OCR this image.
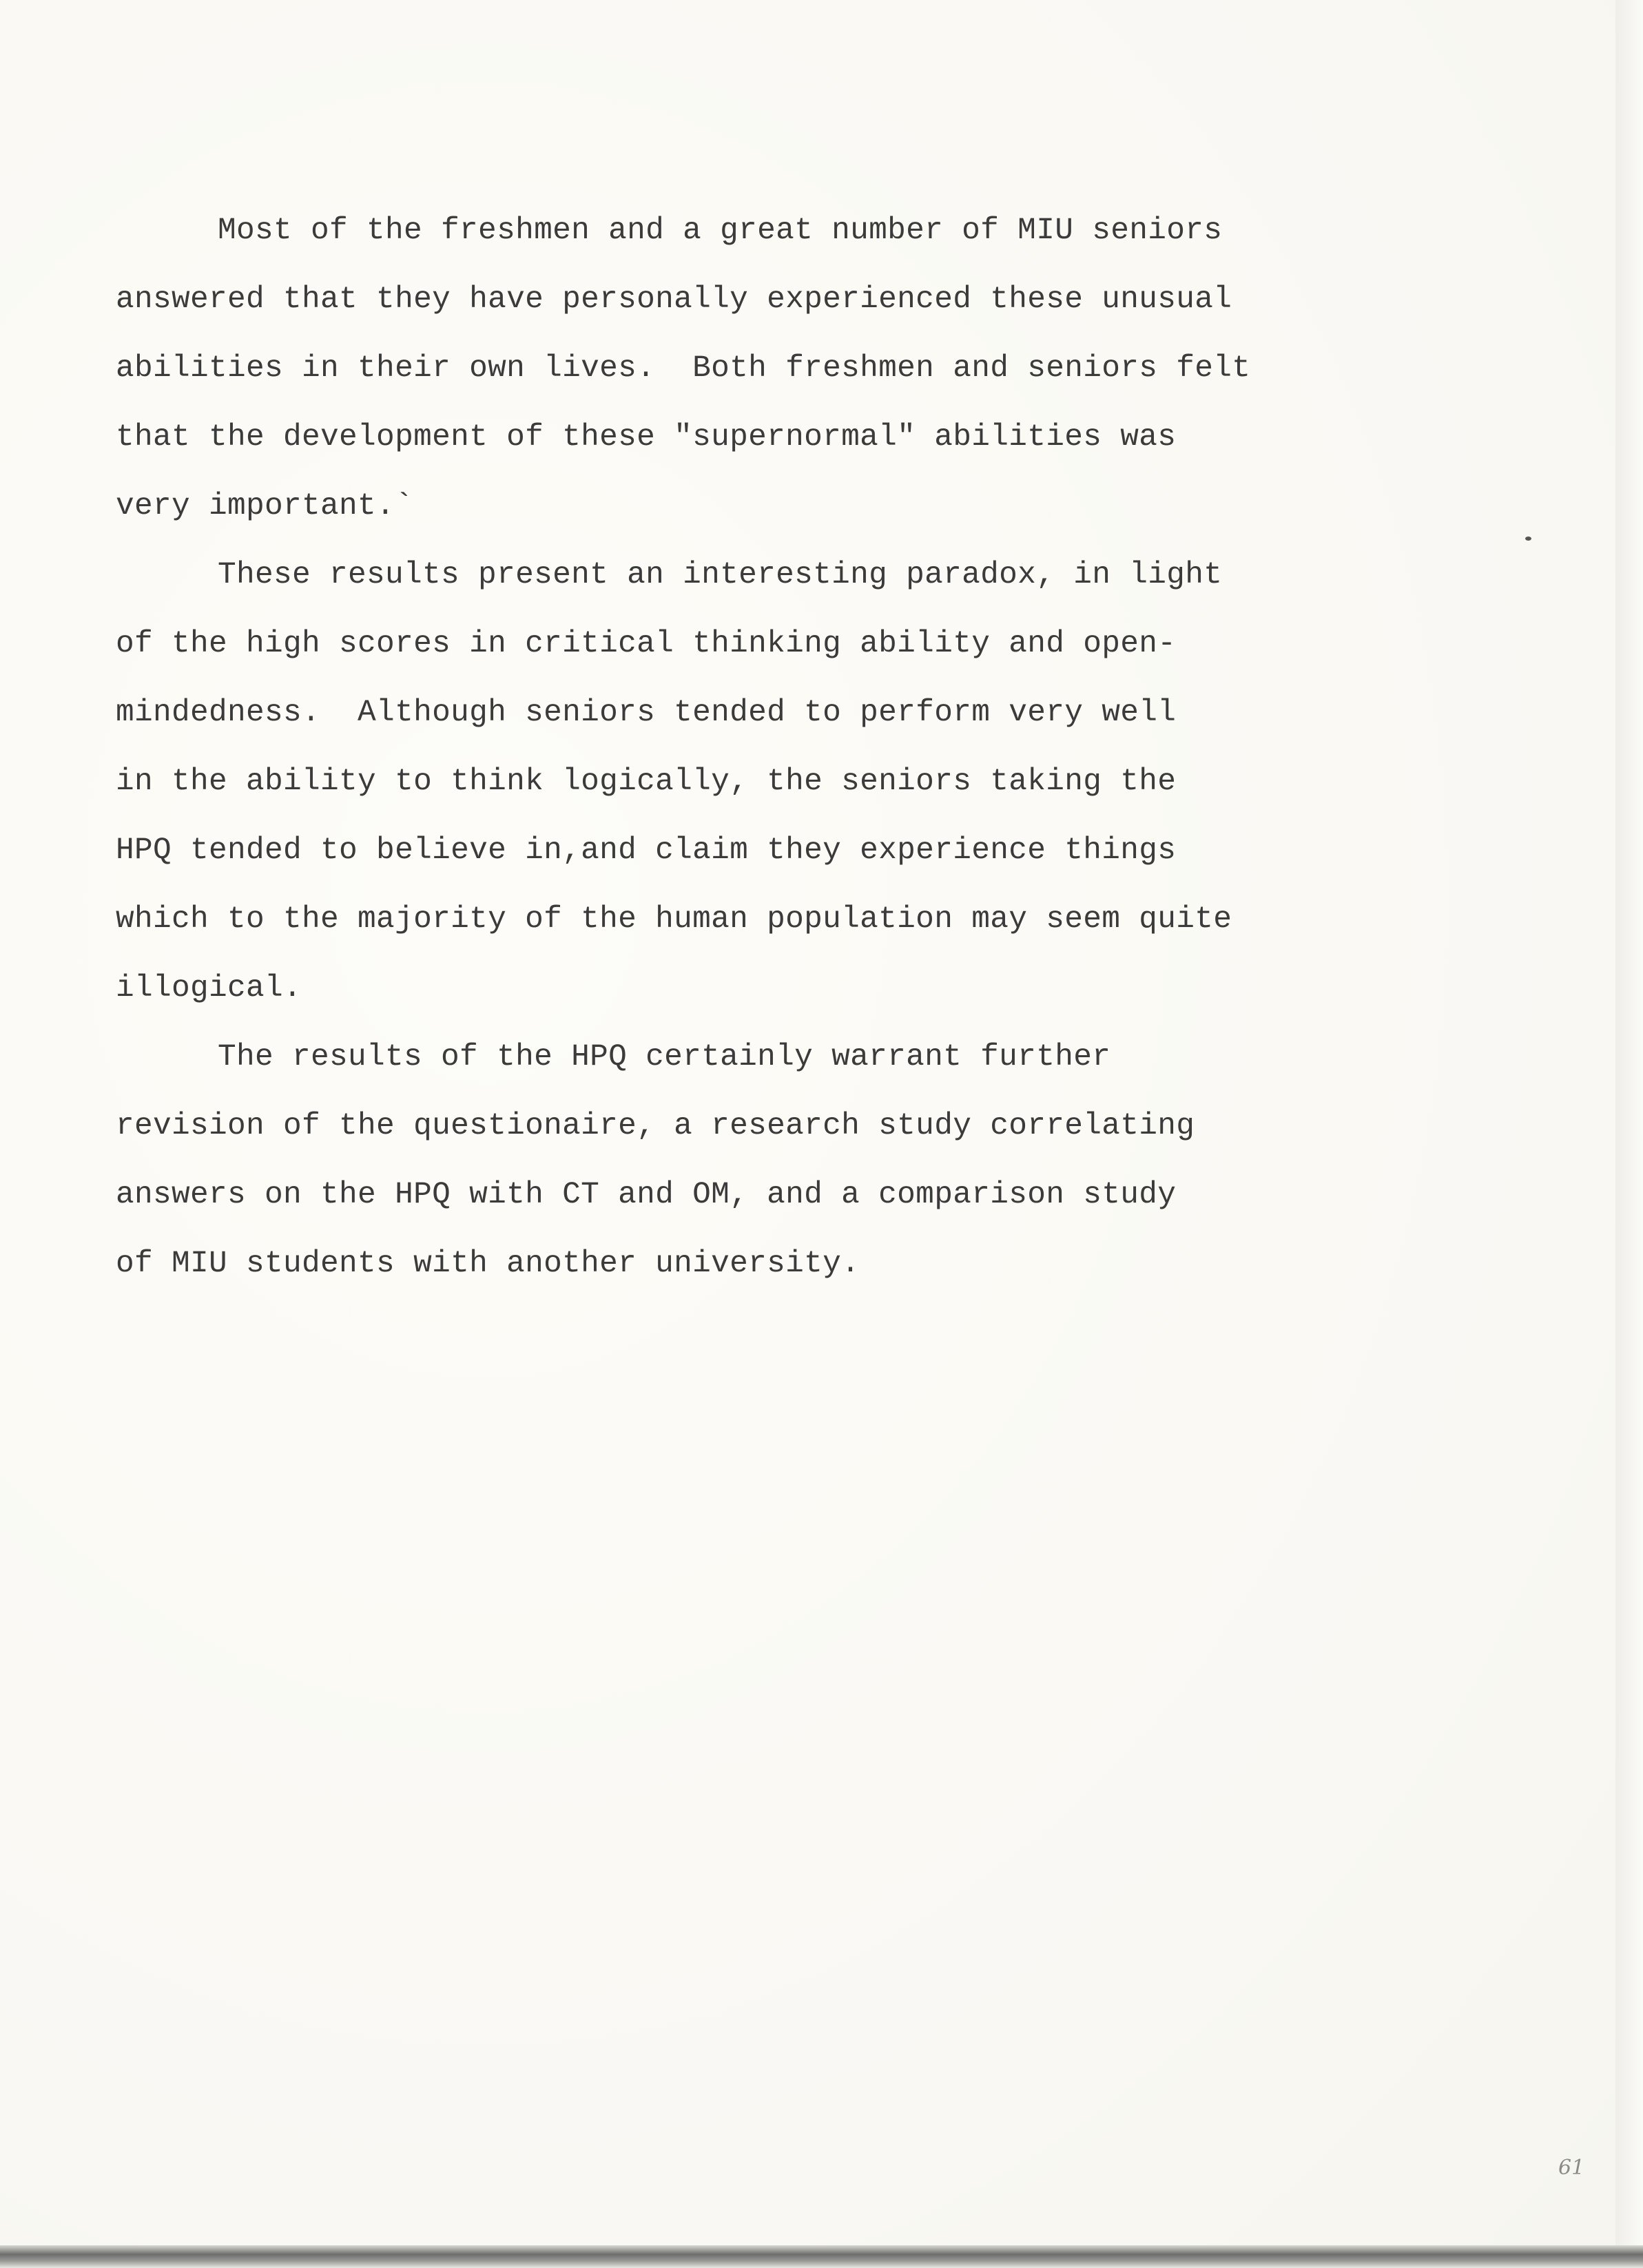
Most of the freshmen and a great number of MIU seniors
answered that they have personally experienced these unusual
abilities in their own lives.  Both freshmen and seniors felt
that the development of these "supernormal" abilities was
very important.`
These results present an interesting paradox, in light
of the high scores in critical thinking ability and open-
mindedness.  Although seniors tended to perform very well
in the ability to think logically, the seniors taking the
HPQ tended to believe in,and claim they experience things
which to the majority of the human population may seem quite
illogical.
The results of the HPQ certainly warrant further
revision of the questionaire, a research study correlating
answers on the HPQ with CT and OM, and a comparison study
of MIU students with another university.
61
